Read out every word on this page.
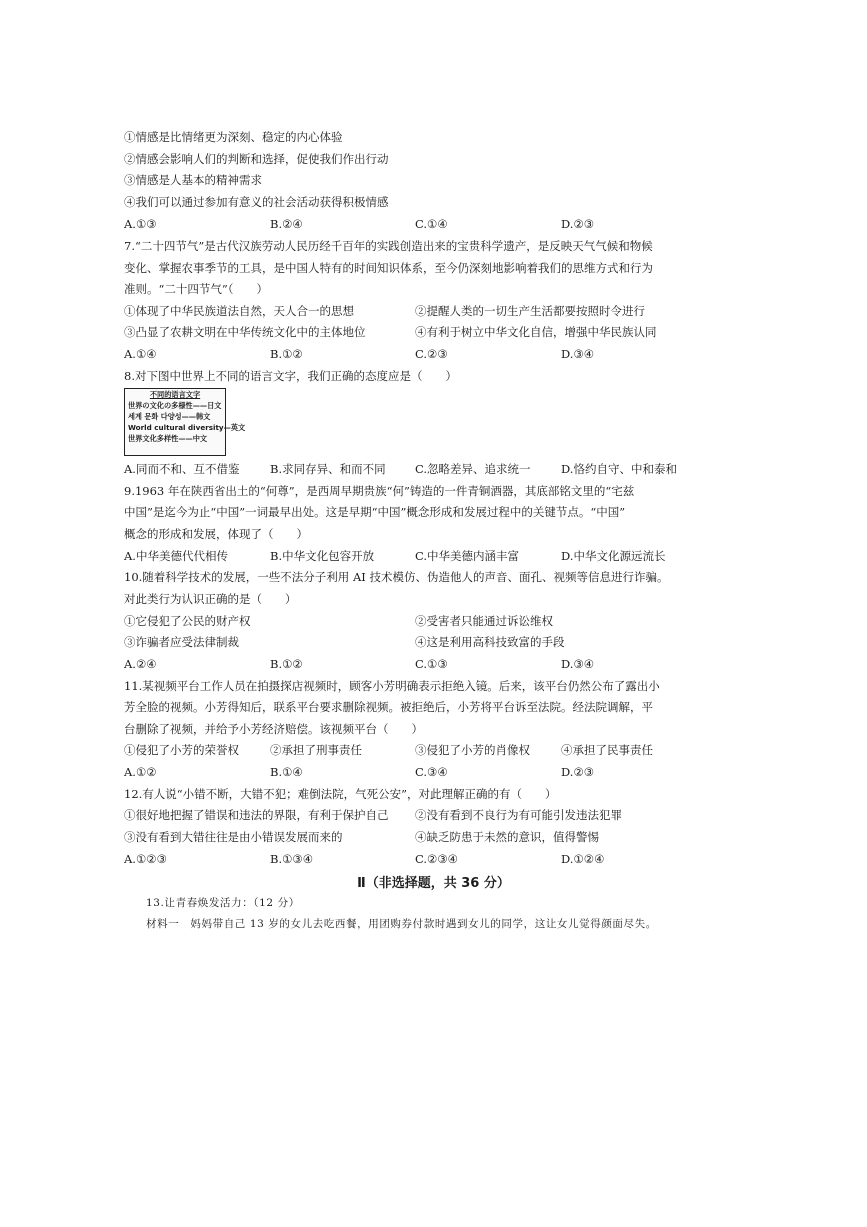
①情感是比情绪更为深刻、稳定的内心体验
②情感会影响人们的判断和选择，促使我们作出行动
③情感是人基本的精神需求
④我们可以通过参加有意义的社会活动获得积极情感
A.①③	B.②④	C.①④	D.②③
7.“二十四节气”是古代汉族劳动人民历经千百年的实践创造出来的宝贵科学遗产，是反映天气气候和物候
变化、掌握农事季节的工具，是中国人特有的时间知识体系，至今仍深刻地影响着我们的思维方式和行为
准则。“二十四节气”（　　）
①体现了中华民族道法自然，天人合一的思想	②提醒人类的一切生产生活都要按照时令进行
③凸显了农耕文明在中华传统文化中的主体地位	④有利于树立中华文化自信，增强中华民族认同
A.①④	B.①②	C.②③	D.③④
8.对下图中世界上不同的语言文字，我们正确的态度应是（　　）
不同的语言文字
世界の文化の多様性——日文
세계 문화 다양성——韩文
World cultural diversity—英文
世界文化多样性——中文
A.同而不和、互不借鉴	B.求同存异、和而不同	C.忽略差异、追求统一	D.恪约自守、中和泰和
9.1963 年在陕西省出土的“何尊”，是西周早期贵族“何”铸造的一件青铜酒器，其底部铭文里的“宅兹
中国”是迄今为止“中国”一词最早出处。这是早期“中国”概念形成和发展过程中的关键节点。“中国”
概念的形成和发展，体现了（　　）
A.中华美德代代相传	B.中华文化包容开放	C.中华美德内涵丰富	D.中华文化源远流长
10.随着科学技术的发展，一些不法分子利用 AI 技术模仿、伪造他人的声音、面孔、视频等信息进行诈骗。
对此类行为认识正确的是（　　）
①它侵犯了公民的财产权	②受害者只能通过诉讼维权
③诈骗者应受法律制裁	④这是利用高科技致富的手段
A.②④	B.①②	C.①③	D.③④
11.某视频平台工作人员在拍摄探店视频时，顾客小芳明确表示拒绝入镜。后来，该平台仍然公布了露出小
芳全脸的视频。小芳得知后，联系平台要求删除视频。被拒绝后，小芳将平台诉至法院。经法院调解，平
台删除了视频，并给予小芳经济赔偿。该视频平台（　　）
①侵犯了小芳的荣誉权	②承担了刑事责任	③侵犯了小芳的肖像权	④承担了民事责任
A.①②	B.①④	C.③④	D.②③
12.有人说“小错不断，大错不犯；难倒法院，气死公安”，对此理解正确的有（　　）
①很好地把握了错误和违法的界限，有利于保护自己 ②没有看到不良行为有可能引发违法犯罪
③没有看到大错往往是由小错误发展而来的	④缺乏防患于未然的意识，值得警惕
A.①②③	B.①③④	C.②③④	D.①②④
Ⅱ（非选择题，共 36 分）
13.让青春焕发活力：（12 分）
材料一　妈妈带自己 13 岁的女儿去吃西餐，用团购券付款时遇到女儿的同学，这让女儿觉得颜面尽失。
